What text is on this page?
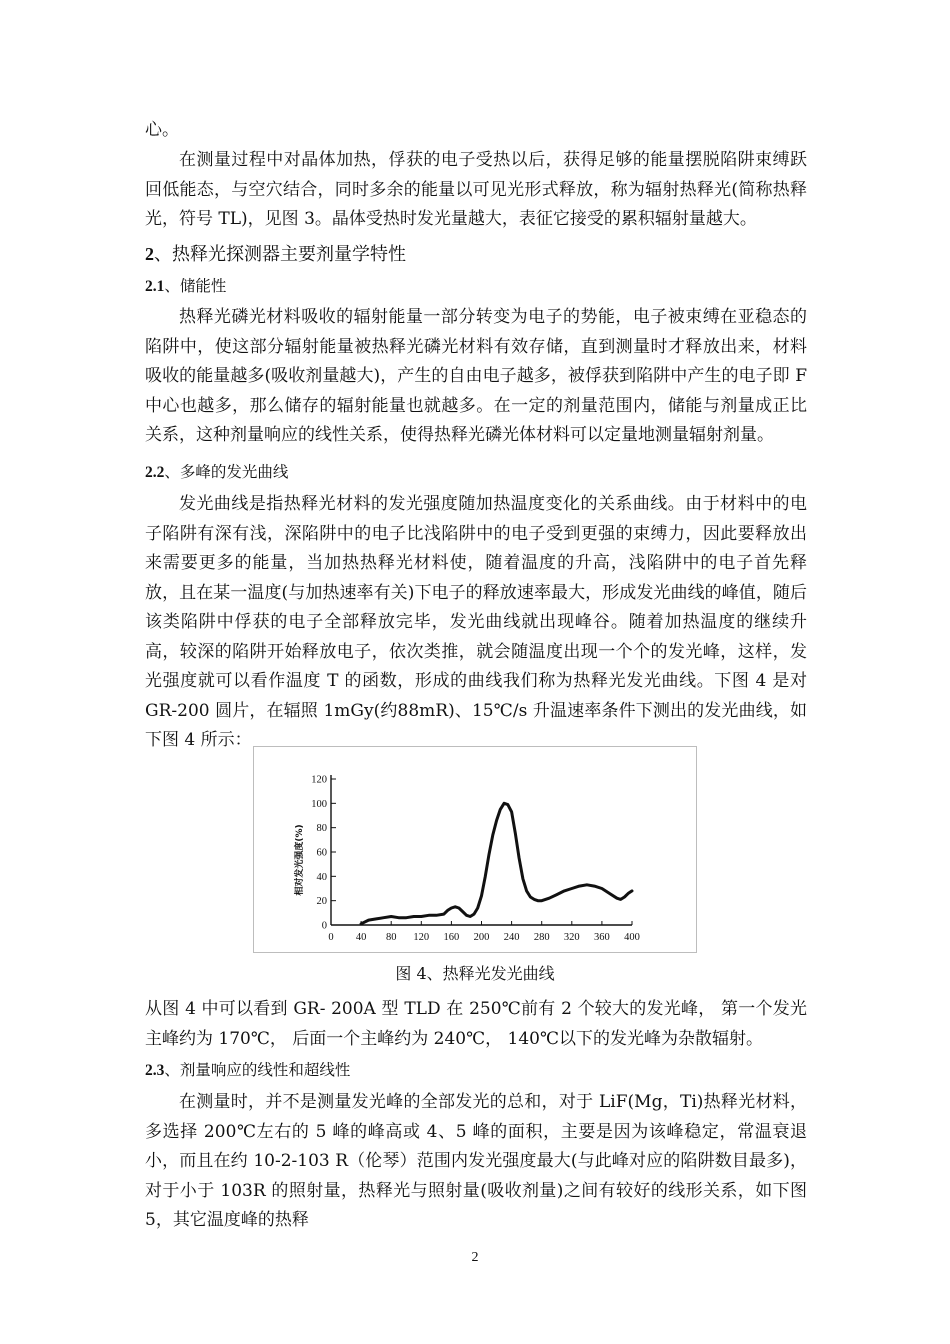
心。

在测量过程中对晶体加热，俘获的电子受热以后，获得足够的能量摆脱陷阱束缚跃回低能态，与空穴结合，同时多余的能量以可见光形式释放，称为辐射热释光(简称热释光，符号 TL)，见图 3。晶体受热时发光量越大，表征它接受的累积辐射量越大。

2、热释光探测器主要剂量学特性

2.1、储能性

热释光磷光材料吸收的辐射能量一部分转变为电子的势能，电子被束缚在亚稳态的陷阱中，使这部分辐射能量被热释光磷光材料有效存储，直到测量时才释放出来，材料吸收的能量越多(吸收剂量越大)，产生的自由电子越多，被俘获到陷阱中产生的电子即 F 中心也越多，那么储存的辐射能量也就越多。在一定的剂量范围内，储能与剂量成正比关系，这种剂量响应的线性关系，使得热释光磷光体材料可以定量地测量辐射剂量。

2.2、多峰的发光曲线

发光曲线是指热释光材料的发光强度随加热温度变化的关系曲线。由于材料中的电子陷阱有深有浅，深陷阱中的电子比浅陷阱中的电子受到更强的束缚力，因此要释放出来需要更多的能量，当加热热释光材料使，随着温度的升高，浅陷阱中的电子首先释放，且在某一温度(与加热速率有关)下电子的释放速率最大，形成发光曲线的峰值，随后该类陷阱中俘获的电子全部释放完毕，发光曲线就出现峰谷。随着加热温度的继续升高，较深的陷阱开始释放电子，依次类推，就会随温度出现一个个的发光峰，这样，发光强度就可以看作温度 T 的函数，形成的曲线我们称为热释光发光曲线。下图 4 是对 GR-200 圆片，在辐照 1mGy(约88mR)、15℃/s 升温速率条件下测出的发光曲线，如下图 4 所示：

0 40 80 120 160 200 240 280 320 360 400
0
20
40
60
80
100
120
相对发光强度(%)
图 4、热释光发光曲线

从图 4 中可以看到 GR- 200A 型 TLD 在 250℃前有 2 个较大的发光峰， 第一个发光主峰约为 170℃， 后面一个主峰约为 240℃， 140℃以下的发光峰为杂散辐射。

2.3、剂量响应的线性和超线性

在测量时，并不是测量发光峰的全部发光的总和，对于 LiF(Mg，Ti)热释光材料，多选择 200℃左右的 5 峰的峰高或 4、5 峰的面积，主要是因为该峰稳定，常温衰退小，而且在约 10-2-103 R（伦琴）范围内发光强度最大(与此峰对应的陷阱数目最多)，对于小于 103R 的照射量，热释光与照射量(吸收剂量)之间有较好的线形关系，如下图 5，其它温度峰的热释

2
